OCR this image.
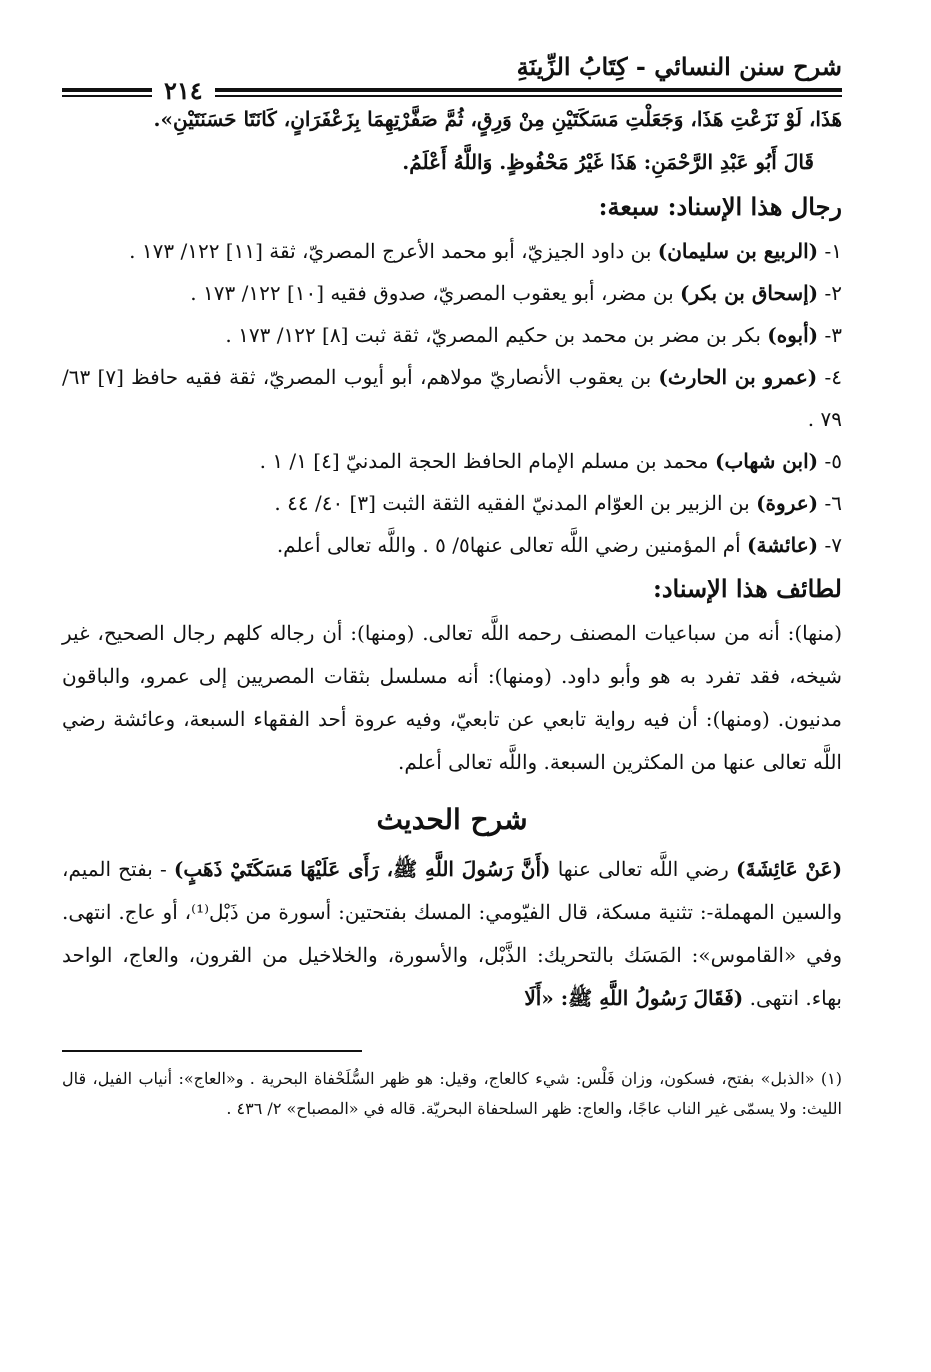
شرح سنن النسائي - كِتَابُ الزِّينَةِ
٢١٤

هَذَا، لَوْ نَزَعْتِ هَذَا، وَجَعَلْتِ مَسَكَتَيْنِ مِنْ وَرِقٍ، ثُمَّ صَفَّرْتِهِمَا بِزَعْفَرَانٍ، كَانَتَا حَسَنَتَيْنِ».

قَالَ أَبُو عَبْدِ الرَّحْمَنِ: هَذَا غَيْرُ مَحْفُوظٍ. وَاللَّهُ أَعْلَمُ.

رجال هذا الإسناد: سبعة:

١- (الربيع بن سليمان) بن داود الجيزيّ، أبو محمد الأعرج المصريّ، ثقة [١١] ١٢٢/ ١٧٣ .

٢- (إسحاق بن بكر) بن مضر، أبو يعقوب المصريّ، صدوق فقيه [١٠] ١٢٢/ ١٧٣ .

٣- (أبوه) بكر بن مضر بن محمد بن حكيم المصريّ، ثقة ثبت [٨] ١٢٢/ ١٧٣ .

٤- (عمرو بن الحارث) بن يعقوب الأنصاريّ مولاهم، أبو أيوب المصريّ، ثقة فقيه حافظ [٧] ٦٣/ ٧٩ .

٥- (ابن شهاب) محمد بن مسلم الإمام الحافظ الحجة المدنيّ [٤] ١/ ١ .

٦- (عروة) بن الزبير بن العوّام المدنيّ الفقيه الثقة الثبت [٣] ٤٠/ ٤٤ .

٧- (عائشة) أم المؤمنين رضي اللَّه تعالى عنها٥/ ٥ . واللَّه تعالى أعلم.

لطائف هذا الإسناد:

(منها): أنه من سباعيات المصنف رحمه اللَّه تعالى. (ومنها): أن رجاله كلهم رجال الصحيح، غير شيخه، فقد تفرد به هو وأبو داود. (ومنها): أنه مسلسل بثقات المصريين إلى عمرو، والباقون مدنيون. (ومنها): أن فيه رواية تابعي عن تابعيّ، وفيه عروة أحد الفقهاء السبعة، وعائشة رضي اللَّه تعالى عنها من المكثرين السبعة. واللَّه تعالى أعلم.

شرح الحديث

(عَنْ عَائِشَةَ) رضي اللَّه تعالى عنها (أَنَّ رَسُولَ اللَّهِ ﷺ، رَأَى عَلَيْهَا مَسَكَتَيْ ذَهَبٍ) - بفتح الميم، والسين المهملة-: تثنية مسكة، قال الفيّومي: المسك بفتحتين: أسورة من ذَبْل⁽¹⁾، أو عاج. انتهى. وفي «القاموس»: المَسَك بالتحريك: الذَّبْل، والأسورة، والخلاخيل من القرون، والعاج، الواحد بهاء. انتهى. (فَقَالَ رَسُولُ اللَّهِ ﷺ: «أَلَا

(١) «الذبل» بفتح، فسكون، وزان فَلْس: شيء كالعاج، وقيل: هو ظهر السُّلَحْفاة البحرية . و«العاج»: أنياب الفيل، قال الليث: ولا يسمّى غير الناب عاجًا، والعاج: ظهر السلحفاة البحريّة. قاله في «المصباح» ٢/ ٤٣٦ .
